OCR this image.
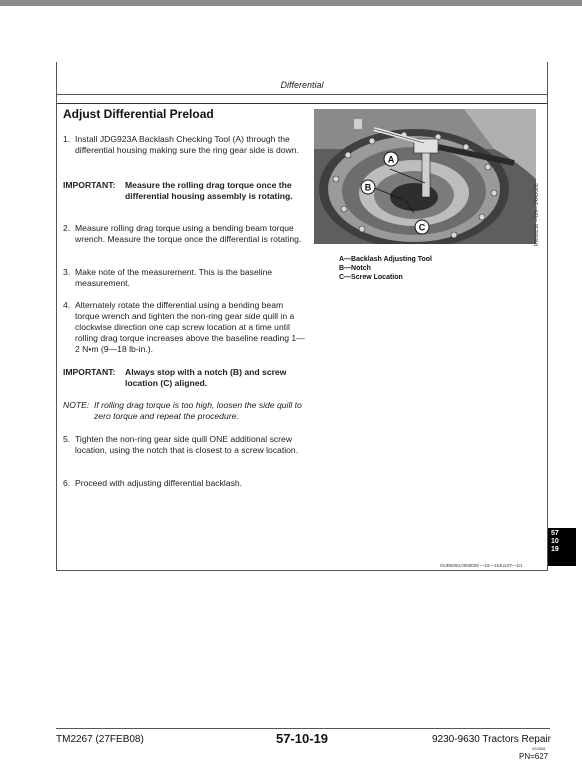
Differential
Adjust Differential Preload
1. Install JDG923A Backlash Checking Tool (A) through the differential housing making sure the ring gear side is down.
IMPORTANT:	Measure the rolling drag torque once the differential housing assembly is rotating.
2. Measure rolling drag torque using a bending beam torque wrench. Measure the torque once the differential is rotating.
3. Make note of the measurement. This is the baseline measurement.
4. Alternately rotate the differential using a bending beam torque wrench and tighten the non-ring gear side quill in a clockwise direction one cap screw location at a time until rolling drag torque increases above the baseline reading 1—2 N•m (9—18 lb-in.).
IMPORTANT:	Always stop with a notch (B) and screw location (C) aligned.
NOTE: If rolling drag torque is too high, loosen the side quill to zero torque and repeat the procedure.
5. Tighten the non-ring gear side quill ONE additional screw location, using the notch that is closest to a screw location.
6. Proceed with adjusting differential backlash.
A
B
C	RW99256 —UN—14AUG06
A—Backlash Adjusting Tool
B—Notch
C—Screw Location
57
10
19
OUR8294,0000029 —19—15JUL07—1/1
TM2267 (27FEB08)	57-10-19	9230-9630 Tractors Repair
022808
PN=627
